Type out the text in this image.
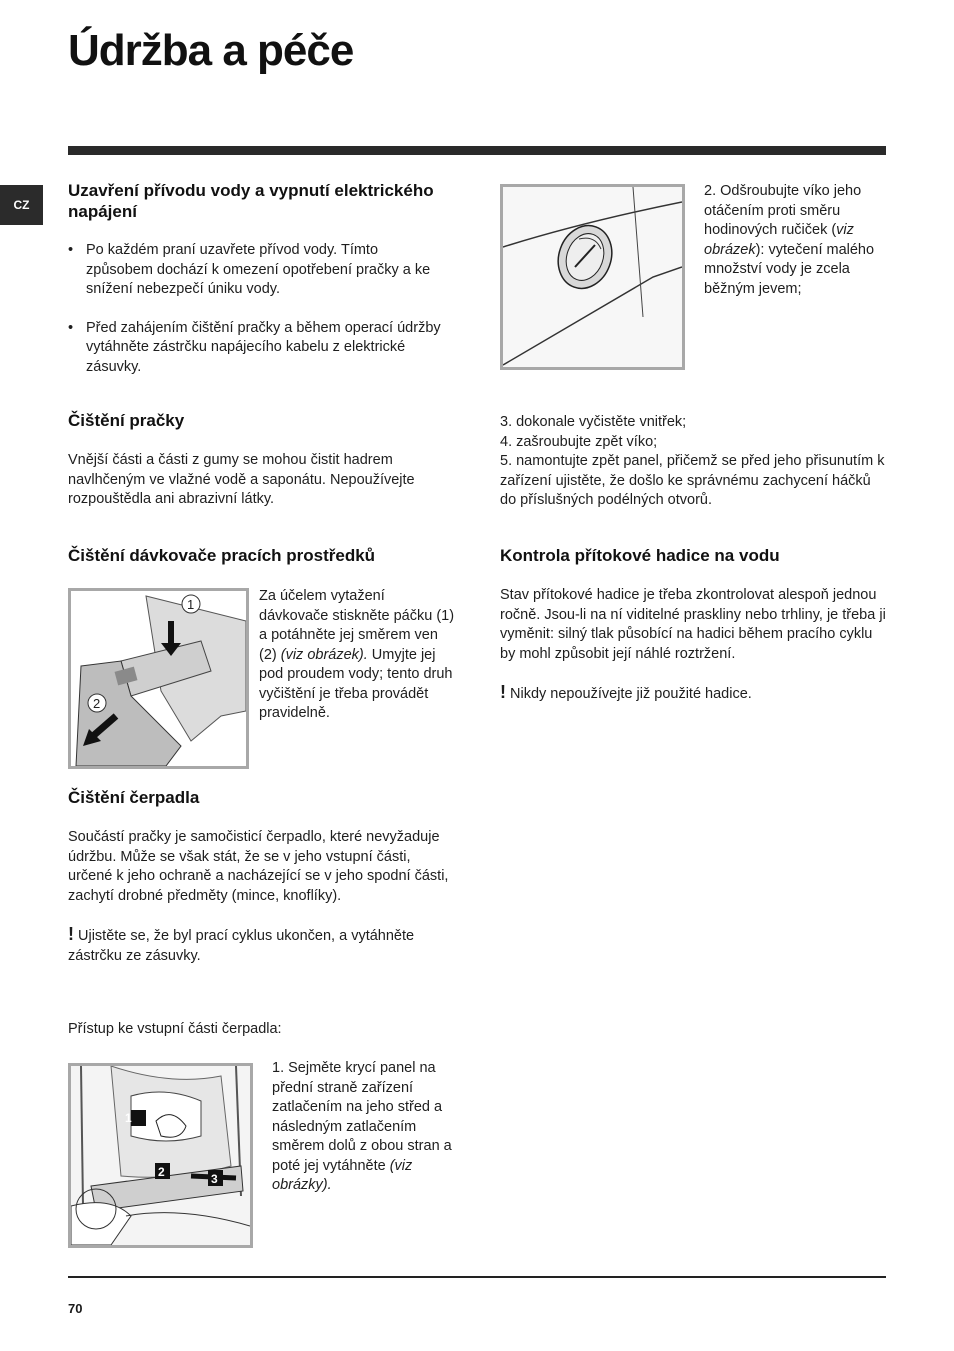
Údržba a péče
CZ
Uzavření přívodu vody a vypnutí elektrického napájení
• Po každém praní uzavřete přívod vody. Tímto způsobem dochází k omezení opotřebení pračky a ke snížení nebezpečí úniku vody.
• Před zahájením čištění pračky a během operací údržby vytáhněte zástrčku napájecího kabelu z elektrické zásuvky.
Čištění pračky

Vnější části a části z gumy se mohou čistit hadrem navlhčeným ve vlažné vodě a saponátu. Nepoužívejte rozpouštědla ani abrazivní látky.

Čištění dávkovače pracích prostředků
1
2

Za účelem vytažení dávkovače stiskněte páčku (1) a potáhněte jej směrem ven (2) (viz obrázek). Umyjte jej pod proudem vody; tento druh vyčištění je třeba provádět pravidelně.

Čištění čerpadla

Součástí pračky je samočisticí čerpadlo, které nevyžaduje údržbu. Může se však stát, že se v jeho vstupní části, určené k jeho ochraně a nacházející se v jeho spodní části, zachytí drobné předměty (mince, knoflíky).

! Ujistěte se, že byl prací cyklus ukončen, a vytáhněte zástrčku ze zásuvky.

Přístup ke vstupní části čerpadla:

1
2	3

1. Sejměte krycí panel na přední straně zařízení zatlačením na jeho střed a následným zatlačením směrem dolů z obou stran a poté jej vytáhněte (viz obrázky).

2. Odšroubujte víko jeho otáčením proti směru hodinových ručiček (viz obrázek): vytečení malého množství vody je zcela běžným jevem;

3. dokonale vyčistěte vnitřek;

4. zašroubujte zpět víko;

5. namontujte zpět panel, přičemž se před jeho přisunutím k zařízení ujistěte, že došlo ke správnému zachycení háčků do příslušných podélných otvorů.

Kontrola přítokové hadice na vodu

Stav přítokové hadice je třeba zkontrolovat alespoň jednou ročně. Jsou-li na ní viditelné praskliny nebo trhliny, je třeba ji vyměnit: silný tlak působící na hadici během pracího cyklu by mohl způsobit její náhlé roztržení.

! Nikdy nepoužívejte již použité hadice.

70
